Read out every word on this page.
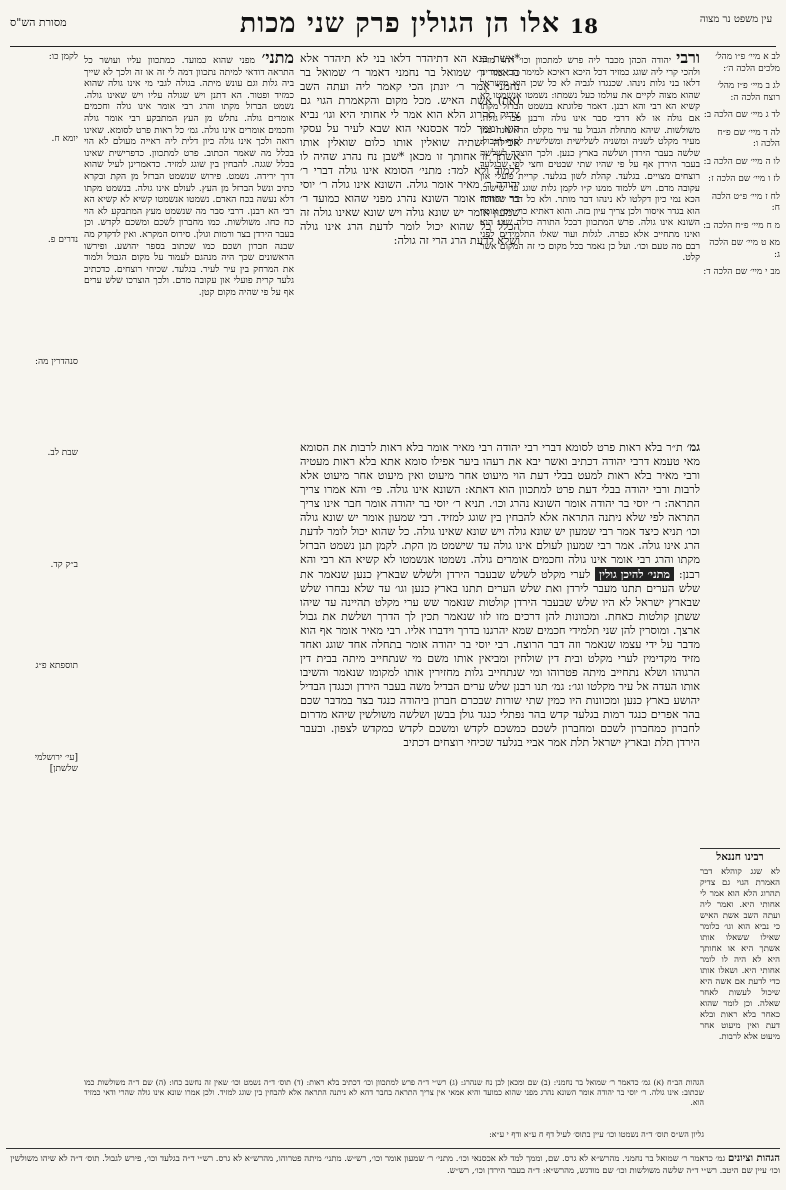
עין משפט נר מצוה
18
אלו הן הגולין פרק שני מכות
מסורת הש"ס
לב א מיי׳ פ״ו מהל׳ מלכים הלכה ה׳:
לג ב מיי׳ פ״ז מהל׳ רוצח הלכה ה:
לד ג מיי׳ שם הלכה ב:
לה ד מיי׳ שם פ״ח הלכה ו:
לו ה מיי׳ שם הלכה ב:
לז ו מיי׳ שם הלכה ז:
לח ז מיי׳ פ״ט הלכה ח:
מ ח מיי׳ פ״ח הלכה ב:
מא ט מיי׳ שם הלכה ג:
מב י מיי׳ שם הלכה ד:
לקמן כו:
יומא ח.
נדרים פ.
סנהדרין מה:
שבת לב.
ב״ק קד.
תוספתא פ״ג
[עי׳ ירושלמי שלשתן]
ורבי יהודה הכהן מכבד ליה פרש למתכוון וכו׳ דהוי מזיד ולהכי קרי ליה שוגג כמזיד דכל היכא דאיכא למימר הכי אמרינן דלאו בני גלות נינהו. שכנגדו לגביה לא כל שכן הוא מישראל שהוא מצוה לקיים את עולמו כעל נשמתו: נשמטו אנשמטו לא קשיא הא רבי והא רבנן. דאמר פלוגתא בנשמט הברזל מקתו אם גולה או לא דרבי סבר אינו גולה ורבנן סברי גולה. משולשות. שיהא מתחלת הגבול עד עיר מקלט הראשונה כמו מעיר מקלט לשניה ומשניה לשלישית ומשלישית לסוף הגבול. שלשה בעבר הירדן ושלשה בארץ כנען. ולכך הוצרך לשלשה בעבר הירדן אף על פי שהיו שתי שבטים וחצי לפי שבגלעד רוצחים מצויים. בגלעד. קהלת לשון בגלעד. קריית פועלי און עקובה מדם. ויש ללמוד ממנו ק״ו לקמן גלות שוגג עד שישוב. הכא נמי כיון דקלטו לא נינהו דבר מותר. ולא כל דבר שמוזכר הוא בגדר איסור ולכן צריך עיון בזה. והוא דאתיא כר׳ יוסי אומר השונא אינו גולה. פרש המתכוון דבכל התורה כולה שוגג הוא ואינו מתחייב אלא כפרה. לגלות ועוד שאלו התלמידים לפני רבם מה טעם וכו׳. ועל כן נאמר בכל מקום כי זה המקום אשר קלט.
מתני׳ מפני שהוא כמועד. כמתכוון עליו ועושר כל התראה דודאי למיתה נתכוון דמה לי זה או זה ולכך לא שייך ביה גלות וגם עונש מיתה. בגולה לגבי מי אינו גולה שהוא כמזיד ופטור. הא דתנן ויש שגולה עליו ויש שאינו גולה. נשמט הברזל מקתו והרג רבי אומר אינו גולה וחכמים אומרים גולה. נתלש מן העץ המתבקע רבי אומר גולה וחכמים אומרים אינו גולה. גמ׳ כל ראות פרט לסומא. שאינו רואה ולכך אינו גולה כיון דלית ליה ראייה מעולם לא הוי בכלל מה שאמר הכתוב. פרט למתכוון. כדפרישית שאינו בכלל שגגה. להבחין בין שוגג למזיד. כדאמרינן לעיל שהוא דרך ירידה. נשמט. פירוש שנשמט הברזל מן הקת ובקרא כתיב ונשל הברזל מן העץ. לעולם אינו גולה. בנשמט מקתו דלא נעשה בכח האדם. נשמטו אנשמטו קשיא לא קשיא הא רבי הא רבנן. דרבי סבר מה שנשמט מעץ המתבקע לא הוי כח כחו. משולשות. כמו מחברון לשכם ומשכם לקדש. וכן בעבר הירדן בצר ורמות וגולן. סירוס המקרא. ואין לדקדק מה שבנה חברון ושכם כמו שכתוב בספר יהושע. ופירשו הראשונים שכך היה מנהגם לעמוד על מקום הגבול ולמוד את המרחק בין עיר לעיר. בגלעד. שכיחי רוצחים. כדכתיב גלעד קרית פועלי און עקובה מדם. ולכך הוצרכו שלש ערים אף על פי שהיה מקום קטן.
*אשת בנא הא דתיהדר דלאו בני לא תיהדר אלא כדאמר ר׳ שמואל בר נחמני דאמר ר׳ שמואל בר נחמני אמר ר׳ יונתן הכי קאמר ליה ועתה השב (את) אשת האיש. מכל מקום והקאמרת הגוי גם צדיק תהרוג הלא הוא אמר לי אחותי היא וגו׳ נביא הוא וממך למד אכסנאי הוא שבא לעיר על עסקי אכילה ושתיה שואלין אותו כלום שואלין אותו אשתך זו אחותך זו מכאן *שבן נח נהרג שהיה לו ללמוד ולא למד: מתני׳ הסומא אינו גולה דברי ר׳ יהודה ר׳ מאיר אומר גולה. השונא אינו גולה ר׳ יוסי בר יהודה אומר השונא נהרג מפני שהוא כמועד ר׳ שמעון אומר יש שונא גולה ויש שונא שאינו גולה זה הכלל כל שהוא יכול לומר לדעת הרג אינו גולה ושלא לדעת הרג הרי זה גולה:
גמ׳ ת״ר בלא ראות פרט לסומא דברי רבי יהודה רבי מאיר אומר בלא ראות לרבות את הסומא מאי טעמא דרבי יהודה דכתיב ואשר יבא את רעהו ביער אפילו סומא אתא בלא ראות מעטיה ורבי מאיר בלא ראות למעט בבלי דעת הוי מיעוט אחר מיעוט ואין מיעוט אחר מיעוט אלא לרבות ורבי יהודה בבלי דעת פרט למתכוון הוא דאתא: השונא אינו גולה. פי׳ והא אמרו צריך התראה: ר׳ יוסי בר יהודה אומר השונא נהרג וכו׳. תניא ר׳ יוסי בר יהודה אומר חבר אינו צריך התראה לפי שלא ניתנה התראה אלא להבחין בין שוגג למזיד. רבי שמעון אומר יש שונא גולה וכו׳ תניא כיצד אמר רבי שמעון יש שונא גולה ויש שונא שאינו גולה. כל שהוא יכול לומר לדעת הרג אינו גולה. אמר רבי שמעון לעולם אינו גולה עד שישמט מן הקת. לקמן תנן נשמט הברזל מקתו והרג רבי אומר אינו גולה וחכמים אומרים גולה. נשמטו אנשמטו לא קשיא הא רבי והא רבנן: מתני׳ להיכן גולין לערי מקלט לשלש שבעבר הירדן ולשלש שבארץ כנען שנאמר את שלש הערים תתנו מעבר לירדן ואת שלש הערים תתנו בארץ כנען וגו׳ עד שלא נבחרו שלש שבארץ ישראל לא היו שלש שבעבר הירדן קולטות שנאמר שש ערי מקלט תהיינה עד שיהו ששתן קולטות כאחת. ומכוונות להן דרכים מזו לזו שנאמר תכין לך הדרך ושלשת את גבול ארצך. ומוסרין להן שני תלמידי חכמים שמא יהרגנו בדרך וידברו אליו. רבי מאיר אומר אף הוא מדבר על ידי עצמו שנאמר וזה דבר הרוצח. רבי יוסי בר יהודה אומר בתחלה אחד שוגג ואחד מזיד מקדימין לערי מקלט ובית דין שולחין ומביאין אותו משם מי שנתחייב מיתה בבית דין הרגוהו ושלא נתחייב מיתה פטרוהו ומי שנתחייב גלות מחזירין אותו למקומו שנאמר והשיבו אותו העדה אל עיר מקלטו וגו׳: גמ׳ תנו רבנן שלש ערים הבדיל משה בעבר הירדן וכנגדן הבדיל יהושע בארץ כנען ומכוונות היו כמין שתי שורות שבכרם חברון ביהודה כנגד בצר במדבר שכם בהר אפרים כנגד רמות בגלעד קדש בהר נפתלי כנגד גולן בבשן ושלשה משולשין שיהא מדרום לחברון כמחברון לשכם ומחברון לשכם כמשכם לקדש ומשכם לקדש כמקדש לצפון. ובעבר הירדן תלת ובארץ ישראל תלת אמר אביי בגלעד שכיחי רוצחים דכתיב
רבינו חננאל
לא שגג קוהלא דבר האמרת הגוי גם צדיק תהרוג הלא הוא אמר לי אחותי היא. ואמר ליה ועתה השב אשת האיש כי נביא הוא וגו׳ כלומר שאילו ששאלו אותו אשתך היא או אחותך היא לא היה לו לומר אחותי היא. ושאלו אותו כדי לדעת אם אשה היא שיכול לעשות לאחר שאלה. וכן לומר שהוא כאחר בלא ראות ובלא דעת ואין מיעוט אחר מיעוט אלא לרבות.
הגהות הב״ח (א) גמ׳ כדאמר ר׳ שמואל בר נחמני: (ב) שם ומכאן לבן נח שנהרג: (ג) רש״י ד״ה פרש למתכוון וכו׳ דכתיב בלא ראות: (ד) תוס׳ ד״ה נשמט וכו׳ שאין זה נחשב כחו: (ה) שם ד״ה משולשות כמו שכתוב: אינו גולה. ר׳ יוסי בר יהודה אומר השונא נהרג מפני שהוא כמועד והיא אמאי אין צריך התראה בחבר דהא לא ניתנה התראה אלא להבחין בין שוגג למזיד. ולכן אמרו שונא אינו גולה שהרי ודאי כמזיד הוא.
גליון הש״ס תוס׳ ד״ה נשמטו וכו׳ עיין בתוס׳ לעיל דף ח ע״א ודף י ע״א:
הגהות וציונים גמ׳ כדאמר ר׳ שמואל בר נחמני. מהרש״א לא גרס. שם, וממך למד לא אכסנאי וכו׳. מתני׳ ר׳ שמעון אומר וכו׳, רש״ש. מתני׳ מיתה פטרוהו, מהרש״א לא גרס. רש״י ד״ה בגלעד וכו׳, פירש לגבול. תוס׳ ד״ה לא שיהו משולשין וכו׳ עיין שם היטב. רש״י ד״ה שלשה משולשות וכו׳ שם מודגש, מהרש״א: ד״ה בעבר הירדן וכו׳, רש״ש.
